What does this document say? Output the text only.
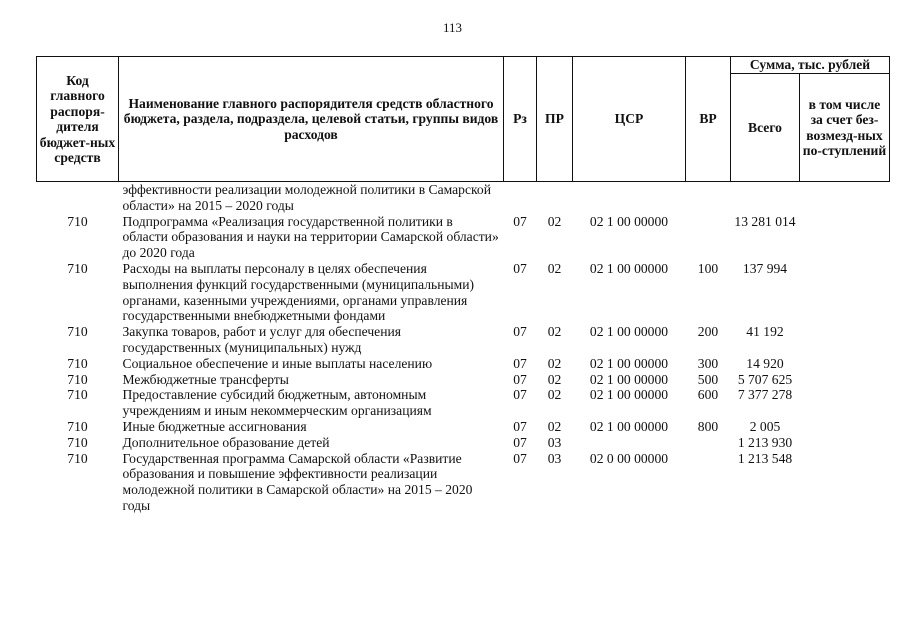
113
Код главного распоря-дителя бюджет-ных средств	Наименование главного распорядителя средств областного бюджета, раздела, подраздела, целевой статьи, группы видов расходов	Рз	ПР	ЦСР	ВР	Сумма, тыс. рублей	
						Всего	в том числе за счет без-возмезд-ных по-ступлений
	эффективности реализации молодежной политики в Самарской области» на 2015 – 2020 годы						
710	Подпрограмма «Реализация государственной политики в области образования и науки на территории Самарской области» до 2020 года	07	02	02 1 00 00000		13 281 014	
710	Расходы на выплаты персоналу в целях обеспечения выполнения функций государственными (муниципальными) органами, казенными учреждениями, органами управления государственными внебюджетными фондами	07	02	02 1 00 00000	100	137 994	
710	Закупка товаров, работ и услуг для обеспечения государственных (муниципальных) нужд	07	02	02 1 00 00000	200	41 192	
710	Социальное обеспечение и иные выплаты населению	07	02	02 1 00 00000	300	14 920	
710	Межбюджетные трансферты	07	02	02 1 00 00000	500	5 707 625	
710	Предоставление субсидий бюджетным, автономным учреждениям и иным некоммерческим организациям	07	02	02 1 00 00000	600	7 377 278	
710	Иные бюджетные ассигнования	07	02	02 1 00 00000	800	2 005	
710	Дополнительное образование детей	07	03			1 213 930	
710	Государственная программа Самарской области «Развитие образования и повышение эффективности реализации молодежной политики в Самарской области» на 2015 – 2020 годы	07	03	02 0 00 00000		1 213 548	
